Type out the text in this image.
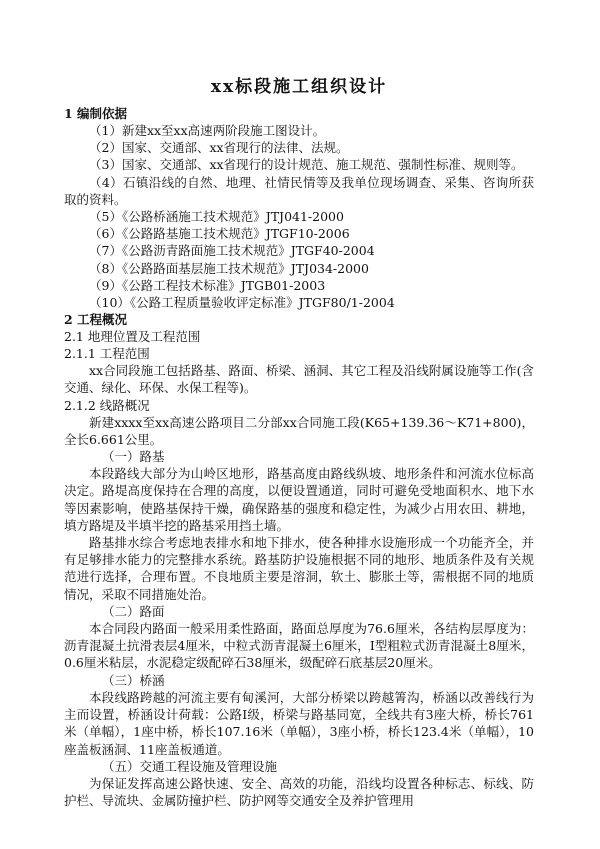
xx标段施工组织设计

1 编制依据

（1）新建xx至xx高速两阶段施工图设计。

（2）国家、交通部、xx省现行的法律、法规。

（3）国家、交通部、xx省现行的设计规范、施工规范、强制性标准、规则等。

（4）石镇沿线的自然、地理、社情民情等及我单位现场调查、采集、咨询所获取的资料。

（5）《公路桥涵施工技术规范》JTJ041-2000

（6）《公路路基施工技术规范》JTGF10-2006

（7）《公路沥青路面施工技术规范》JTGF40-2004

（8）《公路路面基层施工技术规范》JTJ034-2000

（9）《公路工程技术标准》JTGB01-2003

（10）《公路工程质量验收评定标准》JTGF80/1-2004

2 工程概况

2.1 地理位置及工程范围

2.1.1 工程范围

xx合同段施工包括路基、路面、桥梁、涵洞、其它工程及沿线附属设施等工作(含交通、绿化、环保、水保工程等)。

2.1.2 线路概况

新建xxxx至xx高速公路项目二分部xx合同施工段(K65+139.36～K71+800)，全长6.661公里。

（一）路基

本段路线大部分为山岭区地形，路基高度由路线纵坡、地形条件和河流水位标高决定。路堤高度保持在合理的高度，以便设置通道，同时可避免受地面积水、地下水等因素影响，使路基保持干燥，确保路基的强度和稳定性，为减少占用农田、耕地，填方路堤及半填半挖的路基采用挡土墙。

路基排水综合考虑地表排水和地下排水，使各种排水设施形成一个功能齐全，并有足够排水能力的完整排水系统。路基防护设施根据不同的地形、地质条件及有关规范进行选择，合理布置。不良地质主要是溶洞，软土、膨胀土等，需根据不同的地质情况，采取不同措施处治。

（二）路面

本合同段内路面一般采用柔性路面，路面总厚度为76.6厘米，各结构层厚度为：沥青混凝土抗滑表层4厘米，中粒式沥青混凝土6厘米，I型粗粒式沥青混凝土8厘米，0.6厘米粘层，水泥稳定级配碎石38厘米，级配碎石底基层20厘米。

（三）桥涵

本段线路跨越的河流主要有甸溪河，大部分桥梁以跨越箐沟，桥涵以改善线行为主而设置，桥涵设计荷载：公路Ⅰ级，桥梁与路基同宽，全线共有3座大桥，桥长761米（单幅），1座中桥，桥长107.16米（单幅），3座小桥，桥长123.4米（单幅），10座盖板涵洞、11座盖板通道。

（五）交通工程设施及管理设施

为保证发挥高速公路快速、安全、高效的功能，沿线均设置各种标志、标线、防护栏、导流块、金属防撞护栏、防护网等交通安全及养护管理用
